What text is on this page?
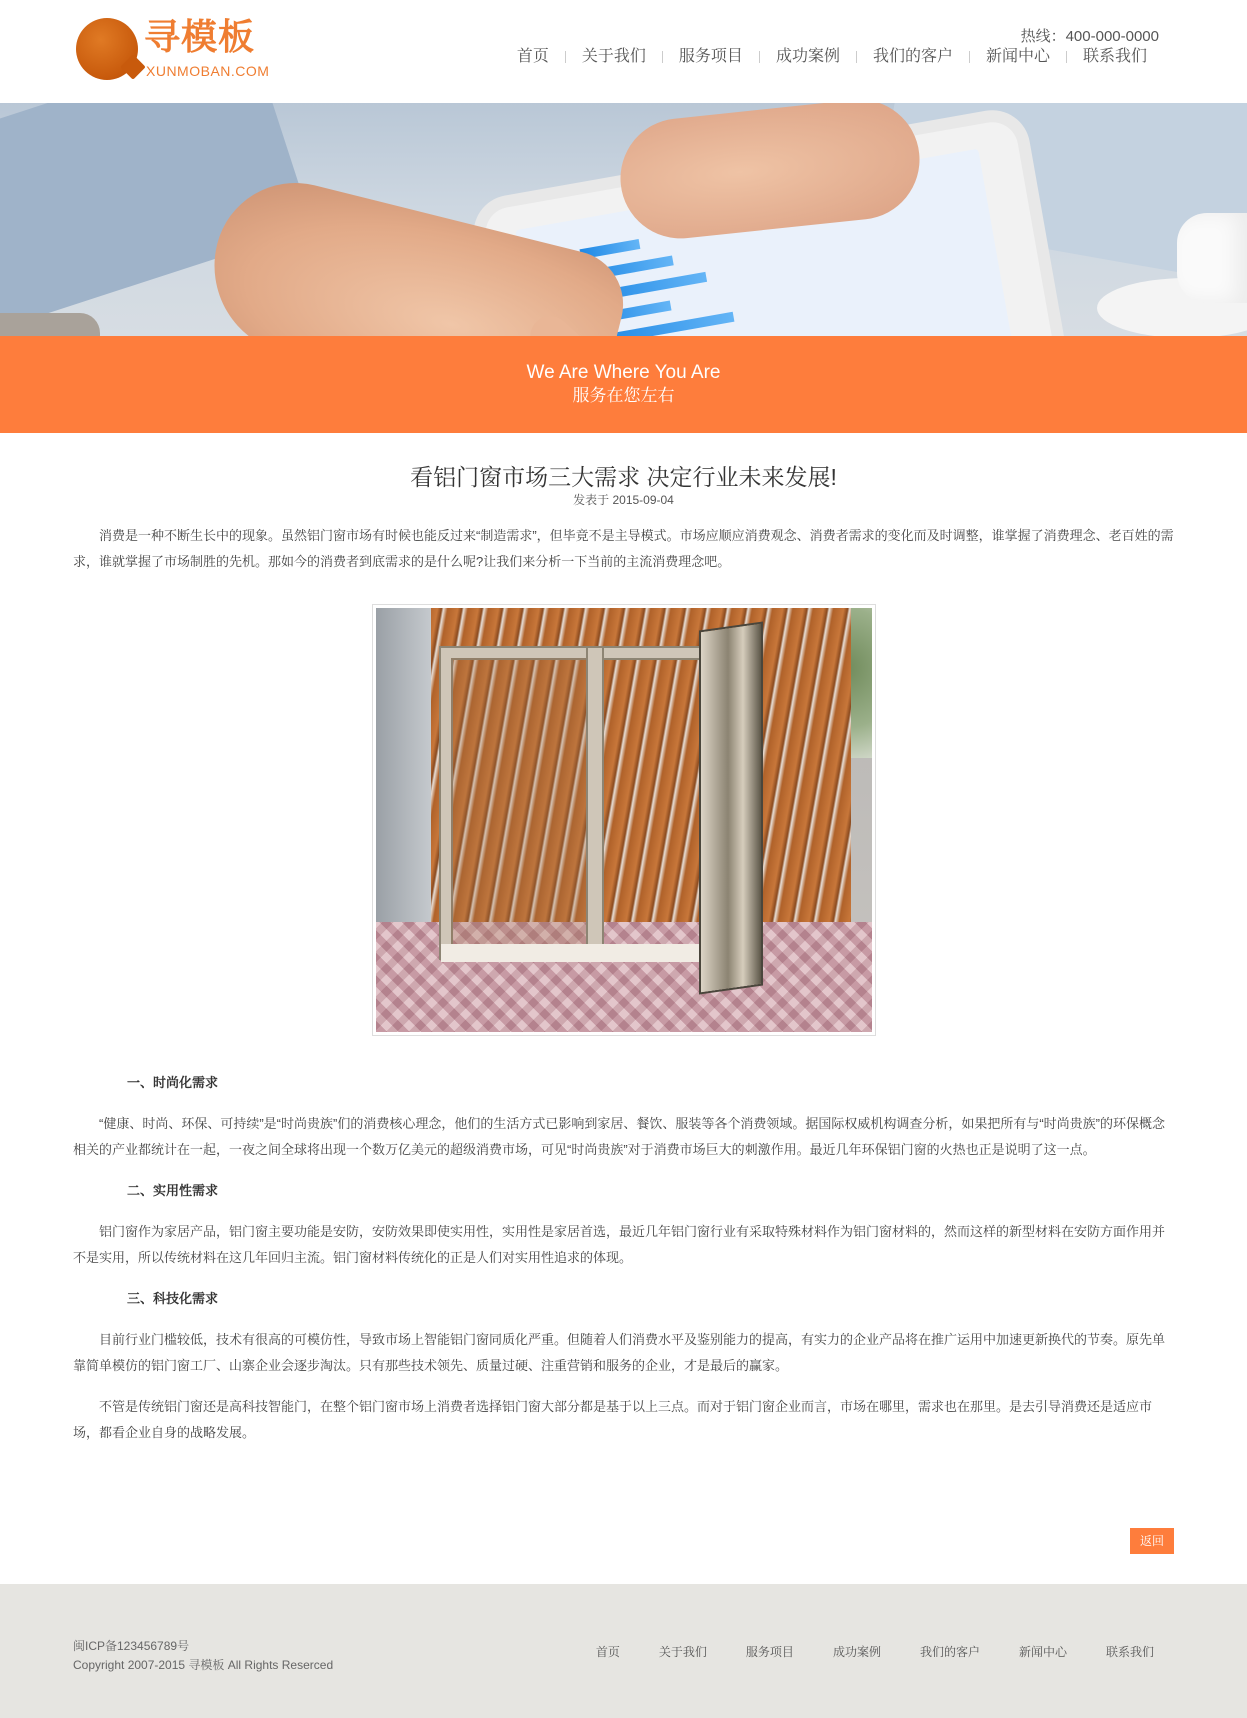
寻模板
XUNMOBAN.COM
热线：400-000-0000
首页	关于我们	服务项目	成功案例	我们的客户	新闻中心	联系我们
We Are Where You Are
服务在您左右
看铝门窗市场三大需求 决定行业未来发展!
发表于 2015-09-04

消费是一种不断生长中的现象。虽然铝门窗市场有时候也能反过来“制造需求”，但毕竟不是主导模式。市场应顺应消费观念、消费者需求的变化而及时调整，谁掌握了消费理念、老百姓的需求，谁就掌握了市场制胜的先机。那如今的消费者到底需求的是什么呢?让我们来分析一下当前的主流消费理念吧。

一、时尚化需求

“健康、时尚、环保、可持续”是“时尚贵族”们的消费核心理念，他们的生活方式已影响到家居、餐饮、服装等各个消费领域。据国际权威机构调查分析，如果把所有与“时尚贵族”的环保概念相关的产业都统计在一起，一夜之间全球将出现一个数万亿美元的超级消费市场，可见“时尚贵族”对于消费市场巨大的刺激作用。最近几年环保铝门窗的火热也正是说明了这一点。

二、实用性需求

铝门窗作为家居产品，铝门窗主要功能是安防，安防效果即使实用性，实用性是家居首选，最近几年铝门窗行业有采取特殊材料作为铝门窗材料的，然而这样的新型材料在安防方面作用并不是实用，所以传统材料在这几年回归主流。铝门窗材料传统化的正是人们对实用性追求的体现。

三、科技化需求

目前行业门槛较低，技术有很高的可模仿性，导致市场上智能铝门窗同质化严重。但随着人们消费水平及鉴别能力的提高，有实力的企业产品将在推广运用中加速更新换代的节奏。原先单靠简单模仿的铝门窗工厂、山寨企业会逐步淘汰。只有那些技术领先、质量过硬、注重营销和服务的企业，才是最后的赢家。

不管是传统铝门窗还是高科技智能门，在整个铝门窗市场上消费者选择铝门窗大部分都是基于以上三点。而对于铝门窗企业而言，市场在哪里，需求也在那里。是去引导消费还是适应市场，都看企业自身的战略发展。

返回
闽ICP备123456789号
Copyright 2007-2015 寻模板 All Rights Reserced
首页	关于我们	服务项目	成功案例	我们的客户	新闻中心	联系我们
